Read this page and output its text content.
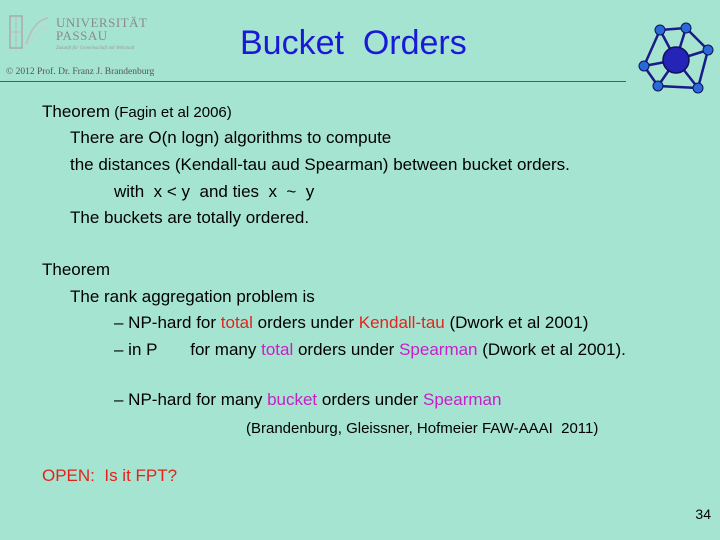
UNIVERSITÄT
PASSAU
Zukunft für Gemeinschaft mit Weltstadt
© 2012 Prof. Dr. Franz J. Brandenburg
Bucket  Orders
Theorem (Fagin et al 2006)
There are O(n logn) algorithms to compute
the distances (Kendall-tau aud Spearman) between bucket orders.
with  x < y  and ties  x  ~  y
The buckets are totally ordered.
Theorem
The rank aggregation problem is
– NP-hard for total orders under Kendall-tau (Dwork et al 2001)
– in P       for many total orders under Spearman (Dwork et al 2001).
– NP-hard for many bucket orders under Spearman
(Brandenburg, Gleissner, Hofmeier FAW-AAAI  2011)
OPEN:  Is it FPT?
34
